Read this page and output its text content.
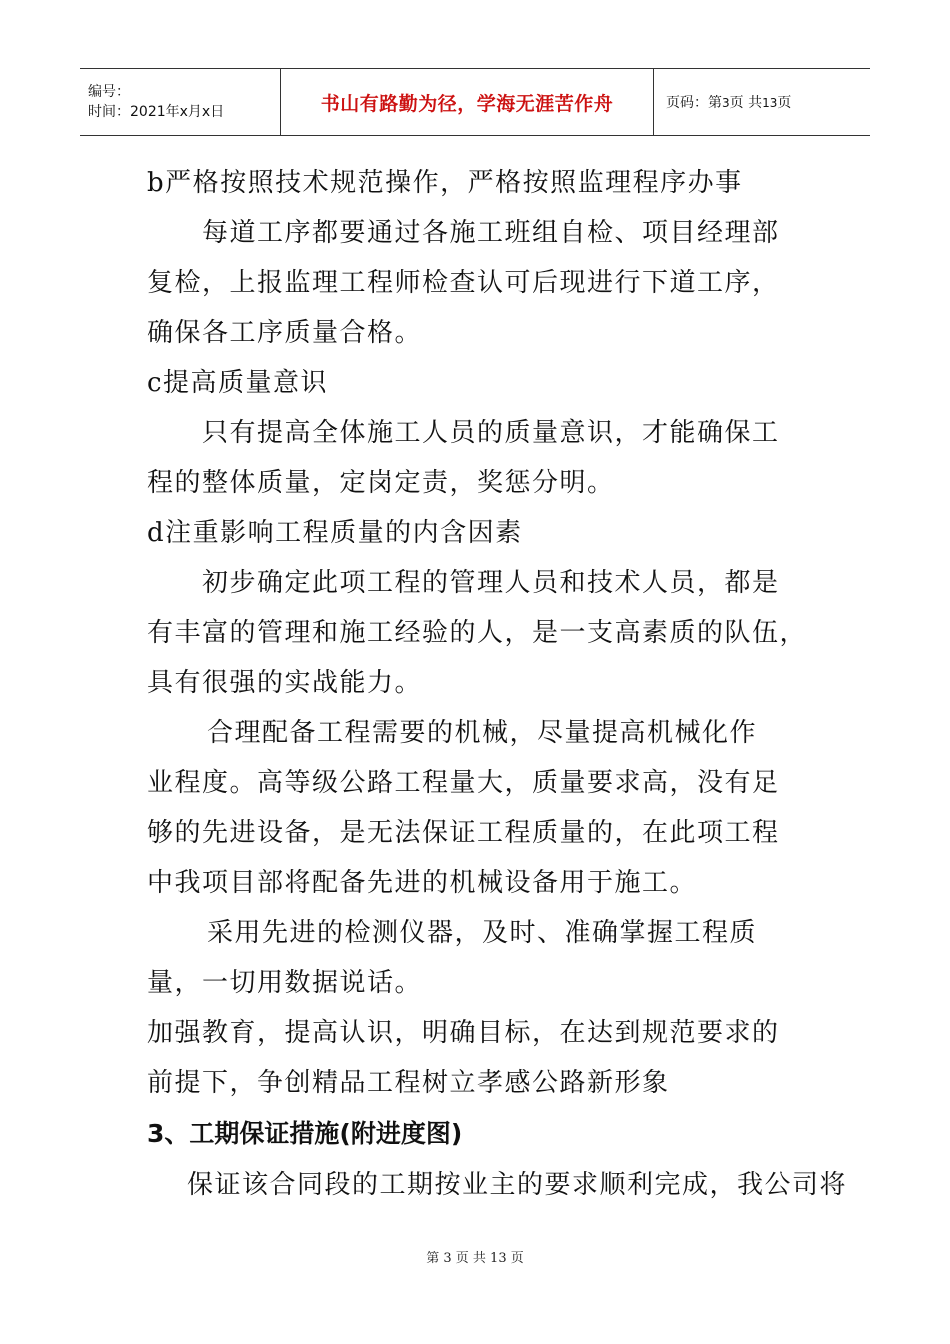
编号：
时间：2021年x月x日	书山有路勤为径，学海无涯苦作舟	页码：第3页 共13页
b严格按照技术规范操作，严格按照监理程序办事
每道工序都要通过各施工班组自检、项目经理部
复检，上报监理工程师检查认可后现进行下道工序，
确保各工序质量合格。
c提高质量意识
只有提高全体施工人员的质量意识，才能确保工
程的整体质量，定岗定责，奖惩分明。
d注重影响工程质量的内含因素
初步确定此项工程的管理人员和技术人员，都是
有丰富的管理和施工经验的人，是一支高素质的队伍，
具有很强的实战能力。
合理配备工程需要的机械，尽量提高机械化作
业程度。高等级公路工程量大，质量要求高，没有足
够的先进设备，是无法保证工程质量的，在此项工程
中我项目部将配备先进的机械设备用于施工。
采用先进的检测仪器，及时、准确掌握工程质
量，一切用数据说话。
加强教育，提高认识，明确目标，在达到规范要求的
前提下，争创精品工程树立孝感公路新形象
3、工期保证措施(附进度图)
保证该合同段的工期按业主的要求顺利完成，我公司将
第 3 页 共 13 页
